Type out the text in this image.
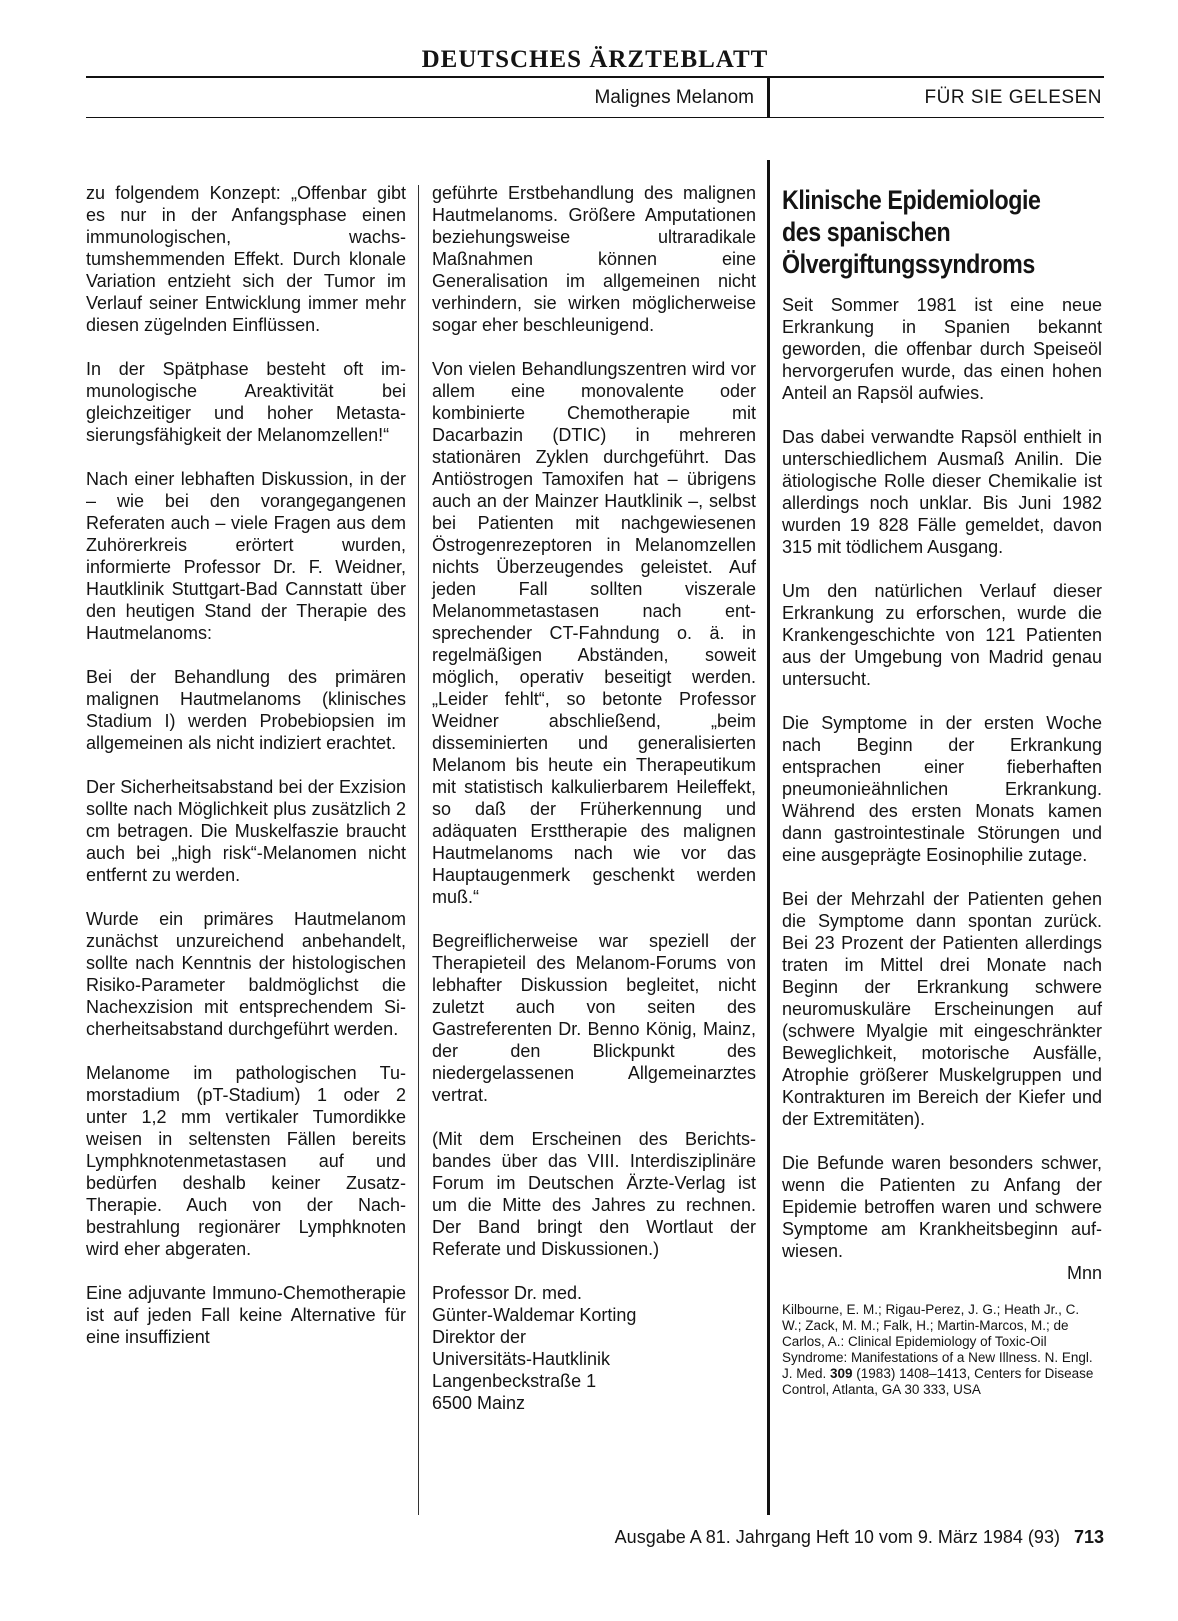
DEUTSCHES ÄRZTEBLATT
Malignes Melanom	FÜR SIE GELESEN

zu folgendem Konzept: „Offenbar gibt es nur in der Anfangsphase einen immunologischen, wachstumshemmenden Effekt. Durch klonale Variation entzieht sich der Tumor im Verlauf seiner Entwicklung immer mehr diesen zügelnden Einflüssen.

In der Spätphase besteht oft immunologische Areaktivität bei gleichzeitiger und hoher Metastasierungsfähigkeit der Melanomzellen!“

Nach einer lebhaften Diskussion, in der – wie bei den vorangegangenen Referaten auch – viele Fragen aus dem Zuhörerkreis erörtert wurden, informierte Professor Dr. F. Weidner, Hautklinik Stuttgart-Bad Cannstatt über den heutigen Stand der Therapie des Hautmelanoms:

Bei der Behandlung des primären malignen Hautmelanoms (klinisches Stadium I) werden Probebiopsien im allgemeinen als nicht indiziert erachtet.

Der Sicherheitsabstand bei der Exzision sollte nach Möglichkeit plus zusätzlich 2 cm betragen. Die Muskelfaszie braucht auch bei „high risk“-Melanomen nicht entfernt zu werden.

Wurde ein primäres Hautmelanom zunächst unzureichend anbehandelt, sollte nach Kenntnis der histologischen Risiko-Parameter baldmöglichst die Nachexzision mit entsprechendem Sicherheitsabstand durchgeführt werden.

Melanome im pathologischen Tumorstadium (pT-Stadium) 1 oder 2 unter 1,2 mm vertikaler Tumordikke weisen in seltensten Fällen bereits Lymphknotenmetastasen auf und bedürfen deshalb keiner Zusatz-Therapie. Auch von der Nachbestrahlung regionärer Lymphknoten wird eher abgeraten.

Eine adjuvante Immuno-Chemotherapie ist auf jeden Fall keine Alternative für eine insuffizient

geführte Erstbehandlung des malignen Hautmelanoms. Größere Amputationen beziehungsweise ultraradikale Maßnahmen können eine Generalisation im allgemeinen nicht verhindern, sie wirken möglicherweise sogar eher beschleunigend.

Von vielen Behandlungszentren wird vor allem eine monovalente oder kombinierte Chemotherapie mit Dacarbazin (DTIC) in mehreren stationären Zyklen durchgeführt. Das Antiöstrogen Tamoxifen hat – übrigens auch an der Mainzer Hautklinik –, selbst bei Patienten mit nachgewiesenen Östrogenrezeptoren in Melanomzellen nichts Überzeugendes geleistet. Auf jeden Fall sollten viszerale Melanommetastasen nach entsprechender CT-Fahndung o. ä. in regelmäßigen Abständen, soweit möglich, operativ beseitigt werden. „Leider fehlt“, so betonte Professor Weidner abschließend, „beim disseminierten und generalisierten Melanom bis heute ein Therapeutikum mit statistisch kalkulierbarem Heileffekt, so daß der Früherkennung und adäquaten Ersttherapie des malignen Hautmelanoms nach wie vor das Hauptaugenmerk geschenkt werden muß.“

Begreiflicherweise war speziell der Therapieteil des Melanom-Forums von lebhafter Diskussion begleitet, nicht zuletzt auch von seiten des Gastreferenten Dr. Benno König, Mainz, der den Blickpunkt des niedergelassenen Allgemeinarztes vertrat.

(Mit dem Erscheinen des Berichtsbandes über das VIII. Interdisziplinäre Forum im Deutschen Ärzte-Verlag ist um die Mitte des Jahres zu rechnen. Der Band bringt den Wortlaut der Referate und Diskussionen.)

Professor Dr. med.
Günter-Waldemar Korting
Direktor der
Universitäts-Hautklinik
Langenbeckstraße 1
6500 Mainz
Klinische Epidemiologie
des spanischen
Ölvergiftungssyndroms

Seit Sommer 1981 ist eine neue Erkrankung in Spanien bekannt geworden, die offenbar durch Speiseöl hervorgerufen wurde, das einen hohen Anteil an Rapsöl aufwies.

Das dabei verwandte Rapsöl enthielt in unterschiedlichem Ausmaß Anilin. Die ätiologische Rolle dieser Chemikalie ist allerdings noch unklar. Bis Juni 1982 wurden 19 828 Fälle gemeldet, davon 315 mit tödlichem Ausgang.

Um den natürlichen Verlauf dieser Erkrankung zu erforschen, wurde die Krankengeschichte von 121 Patienten aus der Umgebung von Madrid genau untersucht.

Die Symptome in der ersten Woche nach Beginn der Erkrankung entsprachen einer fieberhaften pneumonieähnlichen Erkrankung. Während des ersten Monats kamen dann gastrointestinale Störungen und eine ausgeprägte Eosinophilie zutage.

Bei der Mehrzahl der Patienten gehen die Symptome dann spontan zurück. Bei 23 Prozent der Patienten allerdings traten im Mittel drei Monate nach Beginn der Erkrankung schwere neuromuskuläre Erscheinungen auf (schwere Myalgie mit eingeschränkter Beweglichkeit, motorische Ausfälle, Atrophie größerer Muskelgruppen und Kontrakturen im Bereich der Kiefer und der Extremitäten).

Die Befunde waren besonders schwer, wenn die Patienten zu Anfang der Epidemie betroffen waren und schwere Symptome am Krankheitsbeginn aufwiesen.

Mnn
Kilbourne, E. M.; Rigau-Perez, J. G.; Heath Jr., C. W.; Zack, M. M.; Falk, H.; Martin-Marcos, M.; de Carlos, A.: Clinical Epidemiology of Toxic-Oil Syndrome: Manifestations of a New Illness. N. Engl. J. Med. 309 (1983) 1408–1413, Centers for Disease Control, Atlanta, GA 30 333, USA
Ausgabe A 81. Jahrgang Heft 10 vom 9. März 1984 (93) 713
